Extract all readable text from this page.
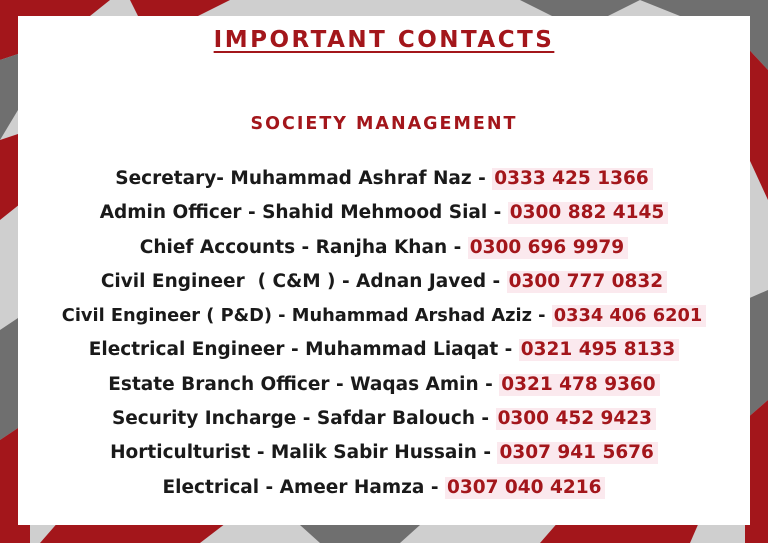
IMPORTANT CONTACTS
SOCIETY MANAGEMENT
Secretary- Muhammad Ashraf Naz - 0333 425 1366
Admin Officer - Shahid Mehmood Sial - 0300 882 4145
Chief Accounts - Ranjha Khan - 0300 696 9979
Civil Engineer  ( C&M ) - Adnan Javed - 0300 777 0832
Civil Engineer ( P&D) - Muhammad Arshad Aziz - 0334 406 6201
Electrical Engineer - Muhammad Liaqat - 0321 495 8133
Estate Branch Officer - Waqas Amin - 0321 478 9360
Security Incharge - Safdar Balouch - 0300 452 9423
Horticulturist - Malik Sabir Hussain - 0307 941 5676
Electrical - Ameer Hamza - 0307 040 4216
